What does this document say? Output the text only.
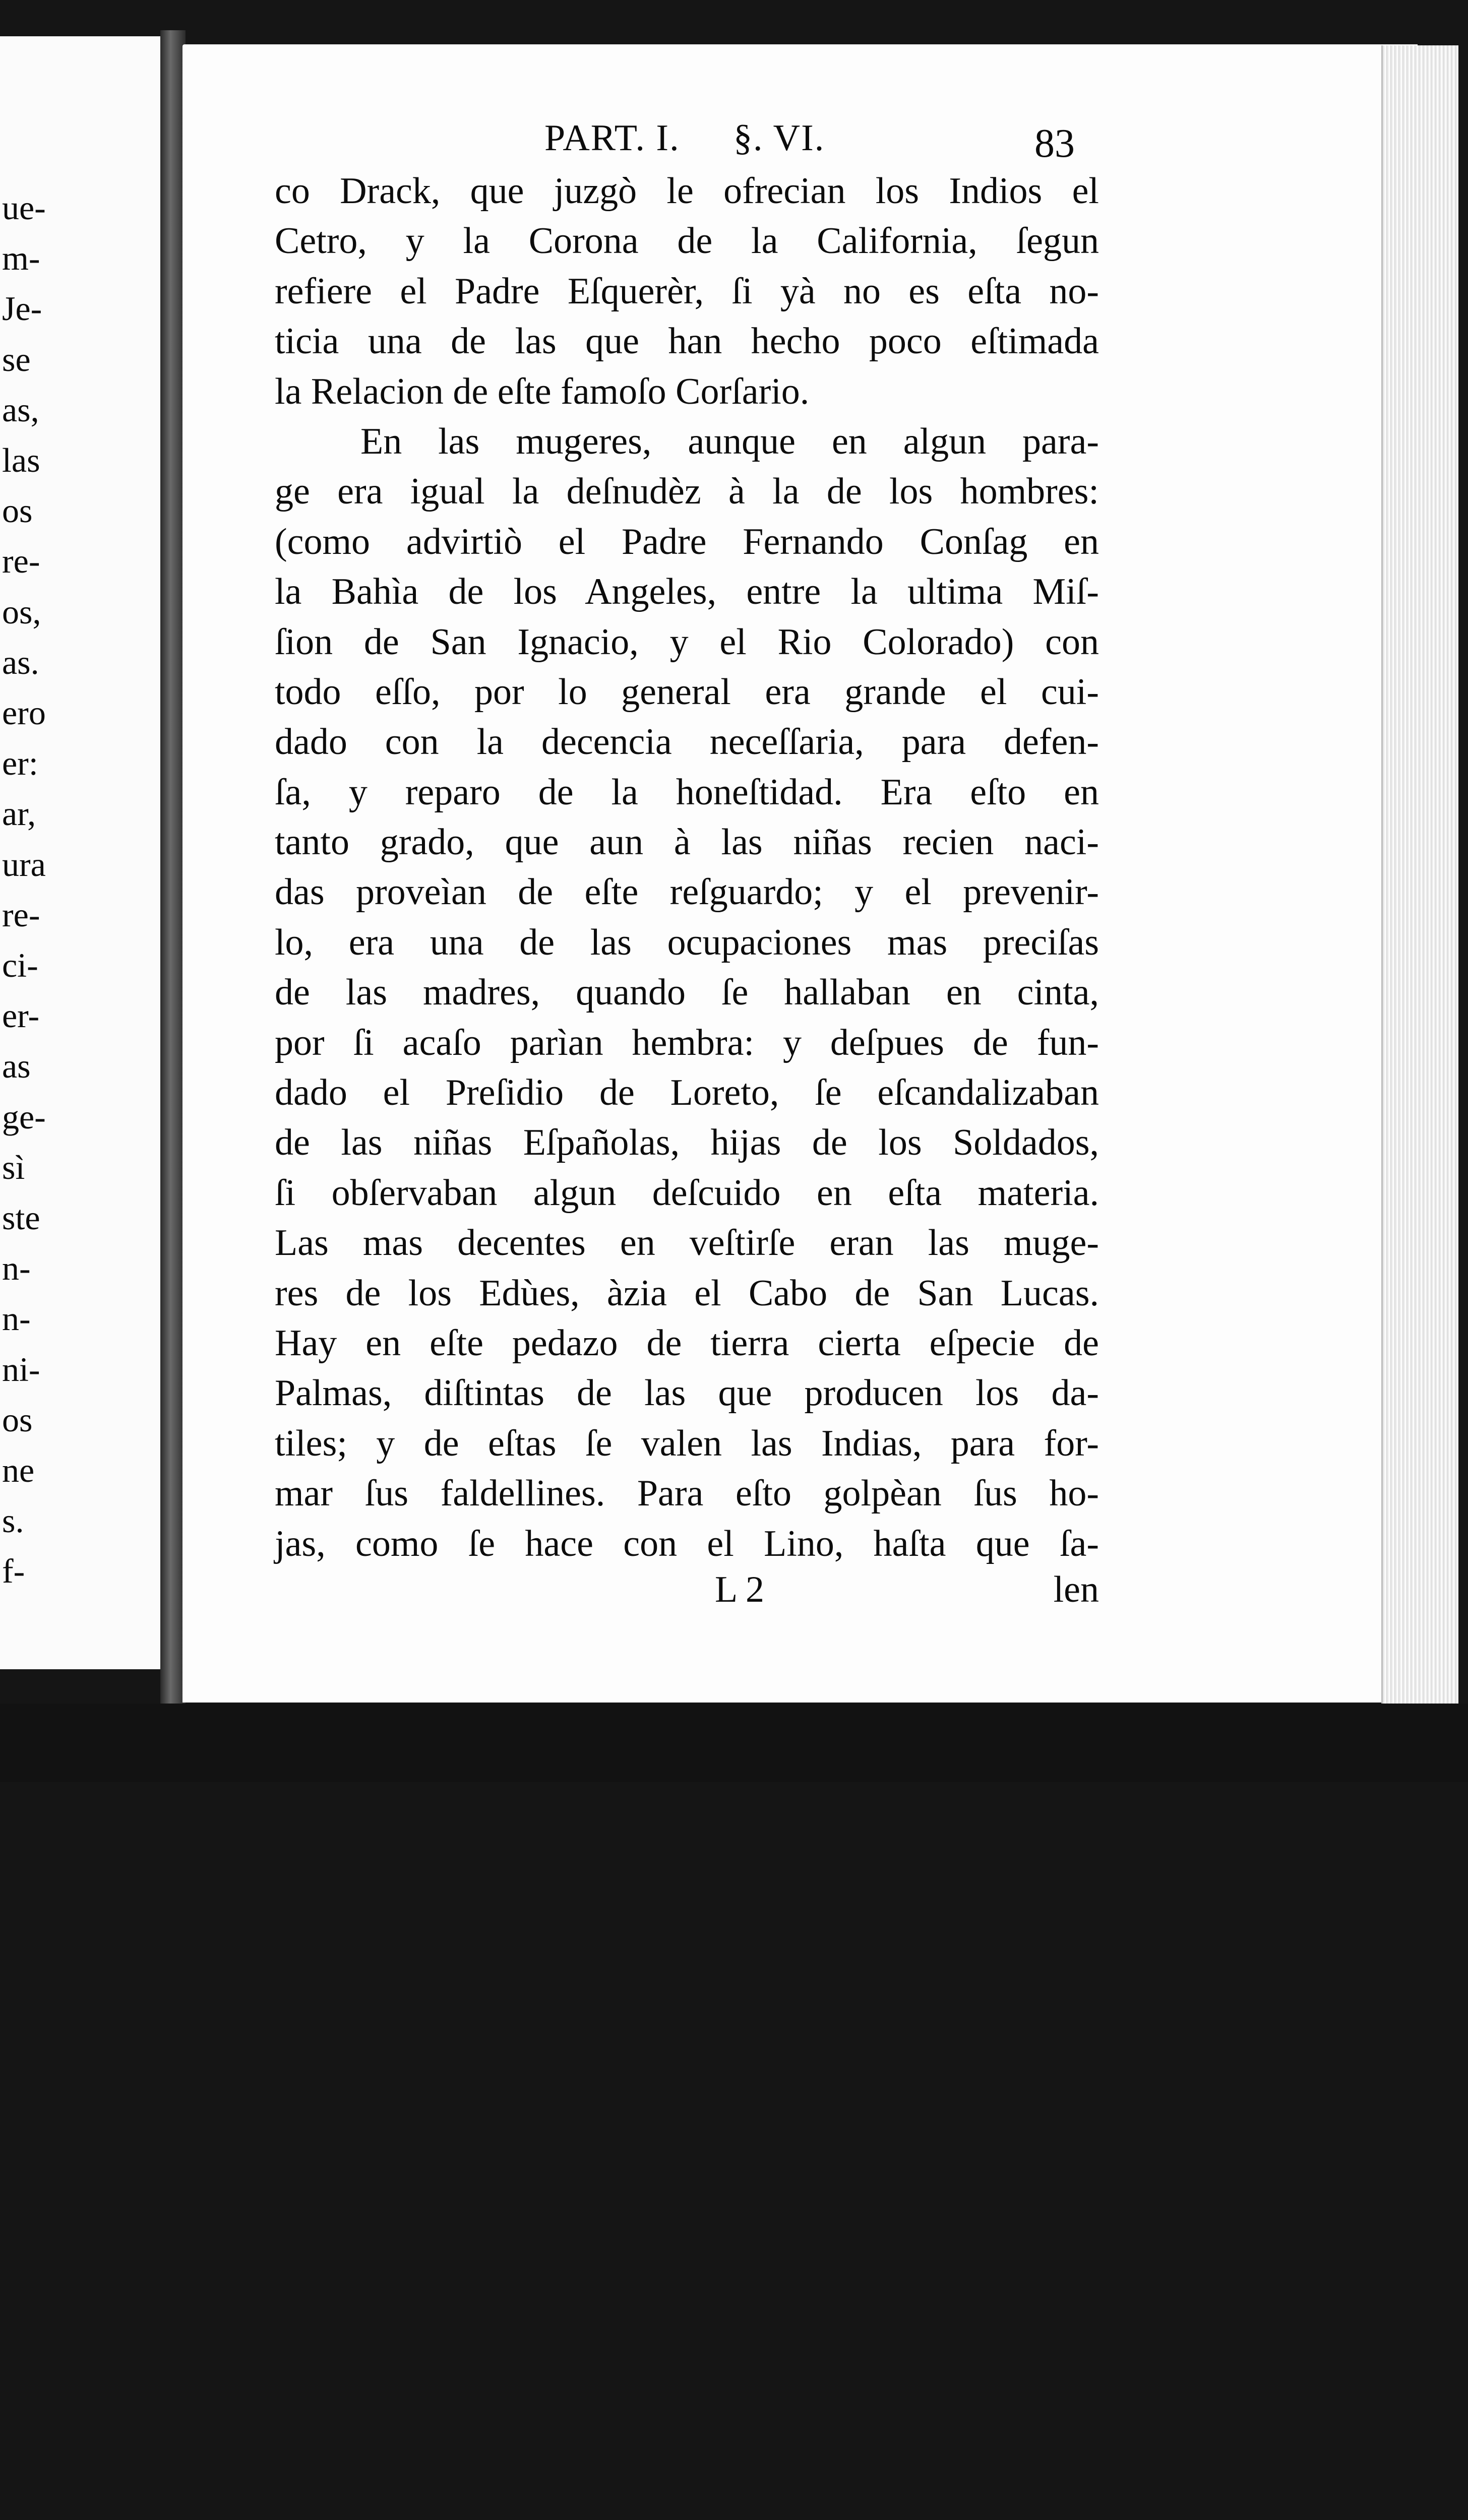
ue-
m-
Je-
se
as,
las
os
re-
os,
as.
ero
er:
ar,
ura
re-
ci-
er-
as
ge-
sì
ste
n-
n-
ni-
os
ne
s.
f-
PART. I. §. VI.	83
co Drack, que juzgò le ofrecian los Indios el
Cetro, y la Corona de la California, ſegun
refiere el Padre Eſquerèr, ſi yà no es eſta no-
ticia una de las que han hecho poco eſtimada
la Relacion de eſte famoſo Corſario.
En las mugeres, aunque en algun para-
ge era igual la deſnudèz à la de los hombres:
(como advirtiò el Padre Fernando Conſag en
la Bahìa de los Angeles, entre la ultima Miſ-
ſion de San Ignacio, y el Rio Colorado) con
todo eſſo, por lo general era grande el cui-
dado con la decencia neceſſaria, para defen-
ſa, y reparo de la honeſtidad. Era eſto en
tanto grado, que aun à las niñas recien naci-
das proveìan de eſte reſguardo; y el prevenir-
lo, era una de las ocupaciones mas preciſas
de las madres, quando ſe hallaban en cinta,
por ſi acaſo parìan hembra: y deſpues de fun-
dado el Preſidio de Loreto, ſe eſcandalizaban
de las niñas Eſpañolas, hijas de los Soldados,
ſi obſervaban algun deſcuido en eſta materia.
Las mas decentes en veſtirſe eran las muge-
res de los Edùes, àzia el Cabo de San Lucas.
Hay en eſte pedazo de tierra cierta eſpecie de
Palmas, diſtintas de las que producen los da-
tiles; y de eſtas ſe valen las Indias, para for-
mar ſus faldellines. Para eſto golpèan ſus ho-
jas, como ſe hace con el Lino, haſta que ſa-
L 2	len
